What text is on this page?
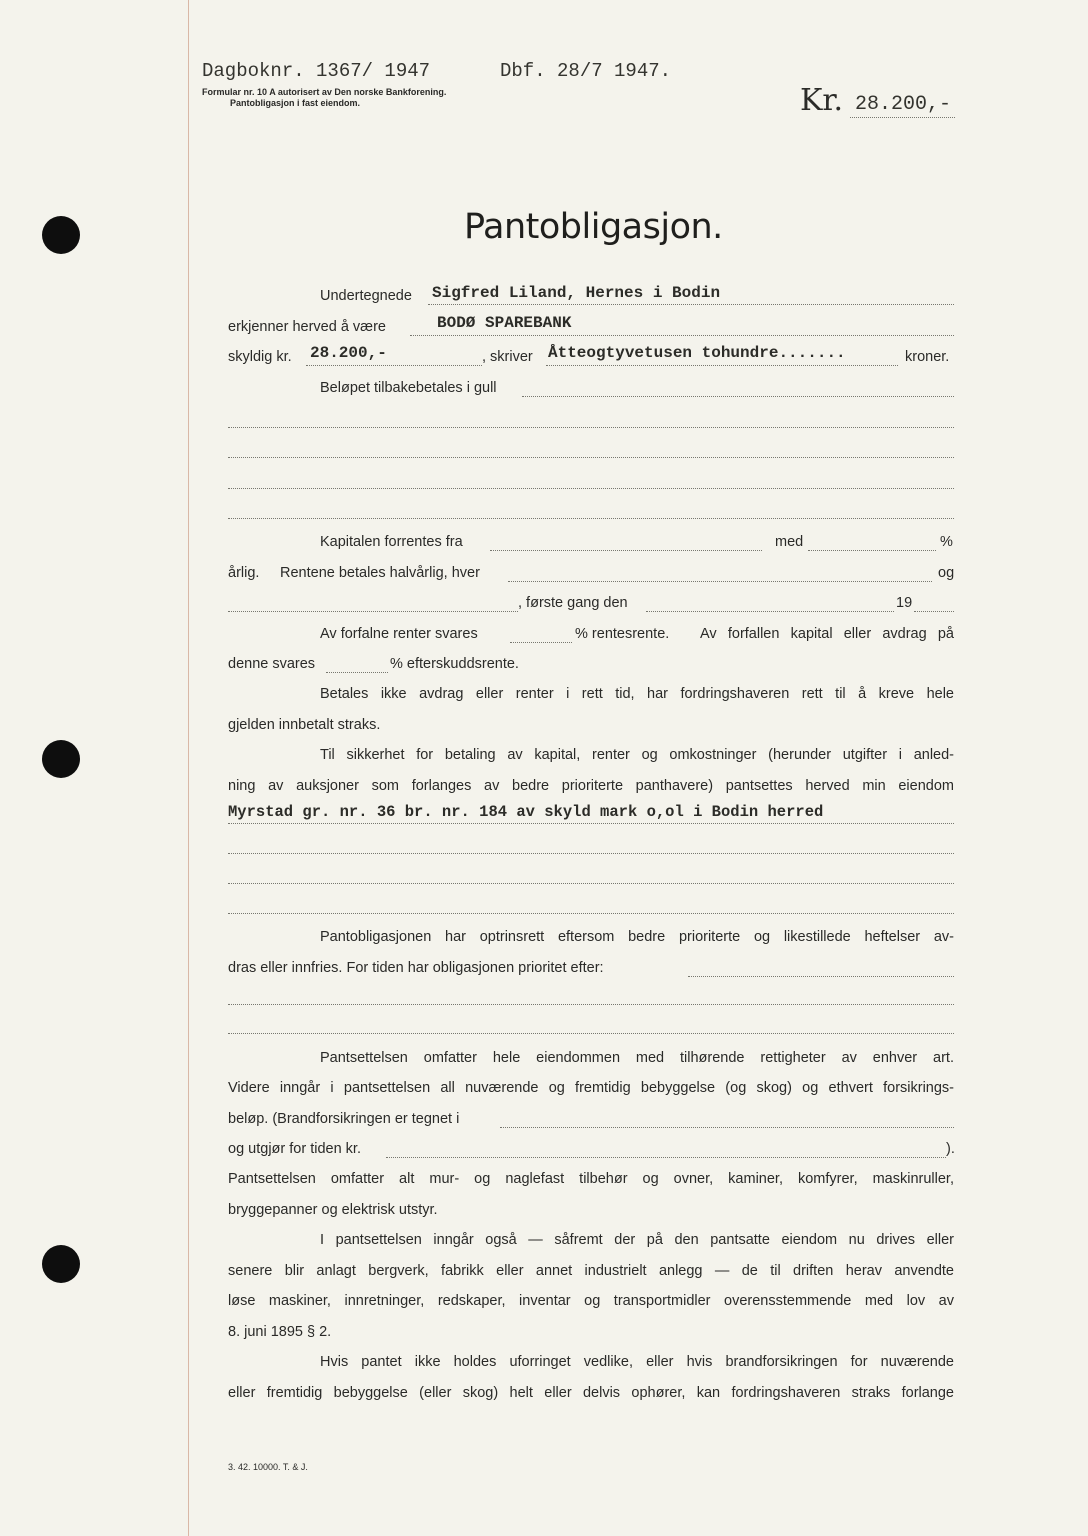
Dagboknr. 1367/ 1947	Dbf. 28/7 1947.
Formular nr. 10 A autorisert av Den norske Bankforening.
Pantobligasjon i fast eiendom.	Kr. 28.200,-
Pantobligasjon.
Undertegnede Sigfred Liland, Hernes i Bodin
erkjenner herved å være	BODØ SPAREBANK
skyldig kr. 28.200,-	, skriver Åtteogtyvetusen tohundre.......	kroner.
Beløpet tilbakebetales i gull
Kapitalen forrentes fra	med	%
årlig. Rentene betales halvårlig, hver	og
, første gang den	19
Av forfalne renter svares	% rentesrente. Av forfallen kapital eller avdrag på
denne svares	% efterskuddsrente.
Betales ikke avdrag eller renter i rett tid, har fordringshaveren rett til å kreve hele
gjelden innbetalt straks.
Til sikkerhet for betaling av kapital, renter og omkostninger (herunder utgifter i anled-
ning av auksjoner som forlanges av bedre prioriterte panthavere) pantsettes herved min eiendom
Myrstad gr. nr. 36 br. nr. 184 av skyld mark o,ol i Bodin herred
Pantobligasjonen har optrinsrett eftersom bedre prioriterte og likestillede heftelser av-
dras eller innfries. For tiden har obligasjonen prioritet efter:
Pantsettelsen omfatter hele eiendommen med tilhørende rettigheter av enhver art.
Videre inngår i pantsettelsen all nuværende og fremtidig bebyggelse (og skog) og ethvert forsikrings-
beløp. (Brandforsikringen er tegnet i
og utgjør for tiden kr.	).
Pantsettelsen omfatter alt mur- og naglefast tilbehør og ovner, kaminer, komfyrer, maskinruller,
bryggepanner og elektrisk utstyr.
I pantsettelsen inngår også — såfremt der på den pantsatte eiendom nu drives eller
senere blir anlagt bergverk, fabrikk eller annet industrielt anlegg — de til driften herav anvendte
løse maskiner, innretninger, redskaper, inventar og transportmidler overensstemmende med lov av
8. juni 1895 § 2.
Hvis pantet ikke holdes uforringet vedlike, eller hvis brandforsikringen for nuværende
eller fremtidig bebyggelse (eller skog) helt eller delvis ophører, kan fordringshaveren straks forlange
3. 42. 10000. T. & J.
